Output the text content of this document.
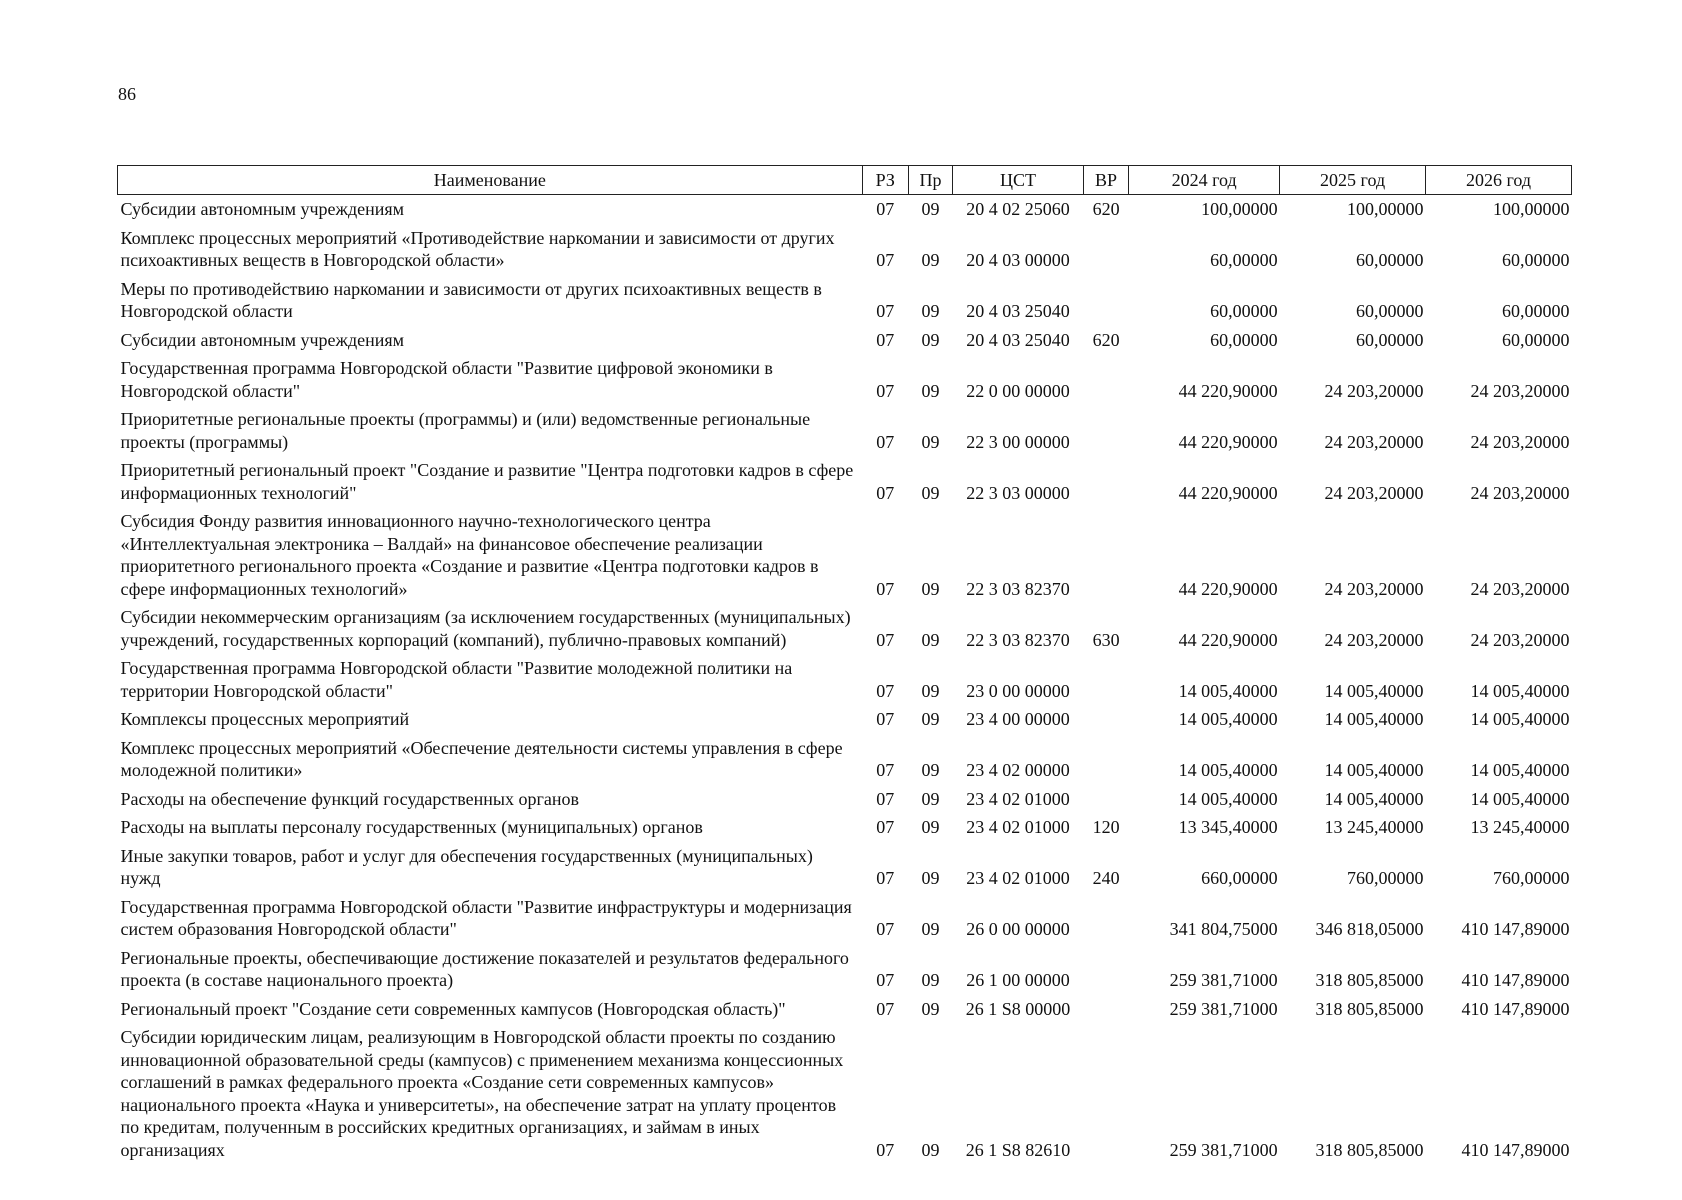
86
Наименование	РЗ	Пр	ЦСТ	ВР	2024 год	2025 год	2026 год
Субсидии автономным учреждениям	07	09	20 4 02 25060	620	100,00000	100,00000	100,00000
Комплекс процессных мероприятий «Противодействие наркомании и зависимости от других психоактивных веществ в Новгородской области»	07	09	20 4 03 00000		60,00000	60,00000	60,00000
Меры по противодействию наркомании и зависимости от других психоактивных веществ в Новгородской области	07	09	20 4 03 25040		60,00000	60,00000	60,00000
Субсидии автономным учреждениям	07	09	20 4 03 25040	620	60,00000	60,00000	60,00000
Государственная программа Новгородской области "Развитие цифровой экономики в Новгородской области"	07	09	22 0 00 00000		44 220,90000	24 203,20000	24 203,20000
Приоритетные региональные проекты (программы) и (или) ведомственные региональные проекты (программы)	07	09	22 3 00 00000		44 220,90000	24 203,20000	24 203,20000
Приоритетный региональный проект "Создание и развитие "Центра подготовки кадров в сфере информационных технологий"	07	09	22 3 03 00000		44 220,90000	24 203,20000	24 203,20000
Субсидия Фонду развития инновационного научно-технологического центра «Интеллектуальная электроника – Валдай» на финансовое обеспечение реализации приоритетного регионального проекта «Создание и развитие «Центра подготовки кадров в сфере информационных технологий»	07	09	22 3 03 82370		44 220,90000	24 203,20000	24 203,20000
Субсидии некоммерческим организациям (за исключением государственных (муниципальных) учреждений, государственных корпораций (компаний), публично-правовых компаний)	07	09	22 3 03 82370	630	44 220,90000	24 203,20000	24 203,20000
Государственная программа Новгородской области "Развитие молодежной политики на территории Новгородской области"	07	09	23 0 00 00000		14 005,40000	14 005,40000	14 005,40000
Комплексы процессных мероприятий	07	09	23 4 00 00000		14 005,40000	14 005,40000	14 005,40000
Комплекс процессных мероприятий «Обеспечение деятельности системы управления в сфере молодежной политики»	07	09	23 4 02 00000		14 005,40000	14 005,40000	14 005,40000
Расходы на обеспечение функций государственных органов	07	09	23 4 02 01000		14 005,40000	14 005,40000	14 005,40000
Расходы на выплаты персоналу государственных (муниципальных) органов	07	09	23 4 02 01000	120	13 345,40000	13 245,40000	13 245,40000
Иные закупки товаров, работ и услуг для обеспечения государственных (муниципальных) нужд	07	09	23 4 02 01000	240	660,00000	760,00000	760,00000
Государственная программа Новгородской области "Развитие инфраструктуры и модернизация систем образования Новгородской области"	07	09	26 0 00 00000		341 804,75000	346 818,05000	410 147,89000
Региональные проекты, обеспечивающие достижение показателей и результатов федерального проекта (в составе национального проекта)	07	09	26 1 00 00000		259 381,71000	318 805,85000	410 147,89000
Региональный проект "Создание сети современных кампусов (Новгородская область)"	07	09	26 1 S8 00000		259 381,71000	318 805,85000	410 147,89000
Субсидии юридическим лицам, реализующим в Новгородской области проекты по созданию инновационной образовательной среды (кампусов) с применением механизма концессионных соглашений в рамках федерального проекта «Создание сети современных кампусов» национального проекта «Наука и университеты», на обеспечение затрат на уплату процентов по кредитам, полученным в российских кредитных организациях, и займам в иных организациях	07	09	26 1 S8 82610		259 381,71000	318 805,85000	410 147,89000
